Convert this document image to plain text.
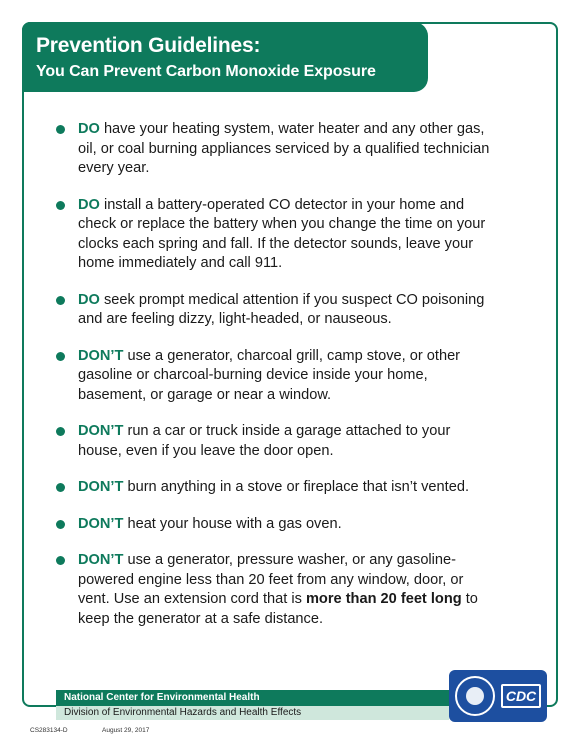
Prevention Guidelines:
You Can Prevent Carbon Monoxide Exposure
DO have your heating system, water heater and any other gas, oil, or coal burning appliances serviced by a qualified technician every year.
DO install a battery-operated CO detector in your home and check or replace the battery when you change the time on your clocks each spring and fall. If the detector sounds, leave your home immediately and call 911.
DO seek prompt medical attention if you suspect CO poisoning and are feeling dizzy, light-headed, or nauseous.
DON’T use a generator, charcoal grill, camp stove, or other gasoline or charcoal-burning device inside your home, basement, or garage or near a window.
DON’T run a car or truck inside a garage attached to your house, even if you leave the door open.
DON’T burn anything in a stove or fireplace that isn’t vented.
DON’T heat your house with a gas oven.
DON’T use a generator, pressure washer, or any gasoline-powered engine less than 20 feet from any window, door, or vent. Use an extension cord that is more than 20 feet long to keep the generator at a safe distance.
National Center for Environmental Health
Division of Environmental Hazards and Health Effects
CS283134-D	August 29, 2017
CDC
